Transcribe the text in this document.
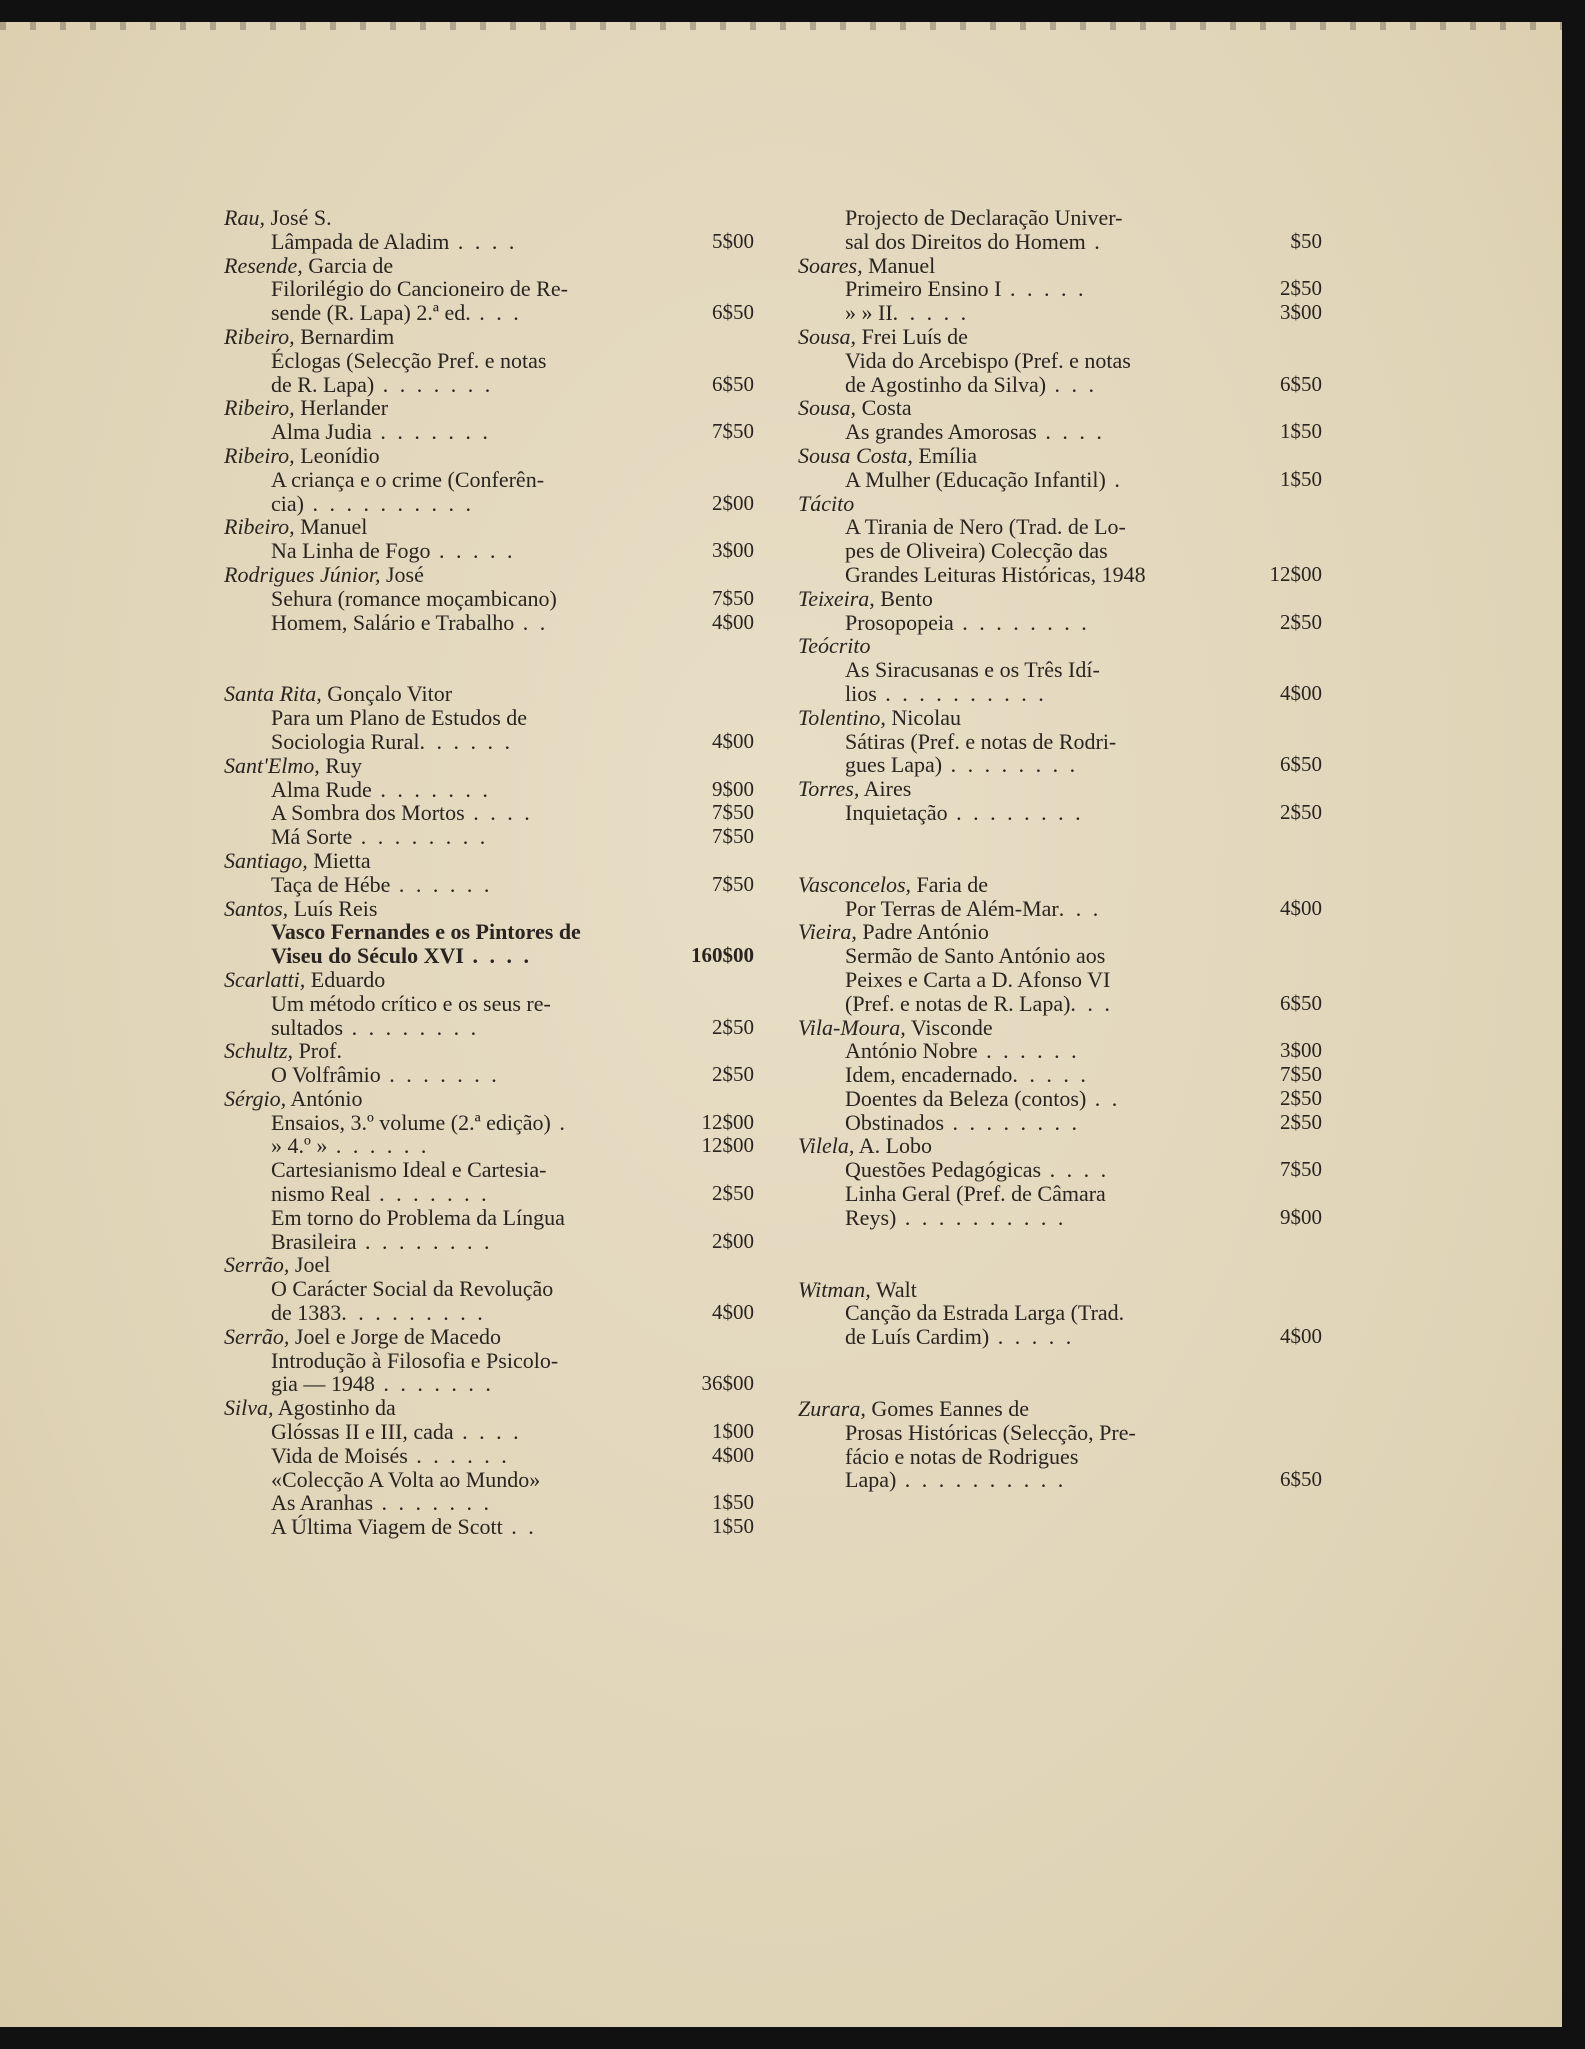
Rau, José S.
Lâmpada de Aladim . . . .	5$00
Resende, Garcia de
Filorilégio do Cancioneiro de Re-
sende (R. Lapa) 2.ª ed. . . .	6$50
Ribeiro, Bernardim
Éclogas (Selecção Pref. e notas
de R. Lapa) . . . . . . .	6$50
Ribeiro, Herlander
Alma Judia . . . . . . .	7$50
Ribeiro, Leonídio
A criança e o crime (Conferên-
cia) . . . . . . . . . .	2$00
Ribeiro, Manuel
Na Linha de Fogo . . . . .	3$00
Rodrigues Júnior, José
Sehura (romance moçambicano)	7$50
Homem, Salário e Trabalho . .	4$00
Santa Rita, Gonçalo Vitor
Para um Plano de Estudos de
Sociologia Rural. . . . . .	4$00
Sant'Elmo, Ruy
Alma Rude . . . . . . .	9$00
A Sombra dos Mortos . . . .	7$50
Má Sorte . . . . . . . .	7$50
Santiago, Mietta
Taça de Hébe . . . . . .	7$50
Santos, Luís Reis
Vasco Fernandes e os Pintores de
Viseu do Século XVI . . . .	160$00
Scarlatti, Eduardo
Um método crítico e os seus re-
sultados . . . . . . . .	2$50
Schultz, Prof.
O Volfrâmio . . . . . . .	2$50
Sérgio, António
Ensaios, 3.º volume (2.ª edição) .	12$00
» 4.º » . . . . . .	12$00
Cartesianismo Ideal e Cartesia-
nismo Real . . . . . . .	2$50
Em torno do Problema da Língua
Brasileira . . . . . . . .	2$00
Serrão, Joel
O Carácter Social da Revolução
de 1383. . . . . . . . .	4$00
Serrão, Joel e Jorge de Macedo
Introdução à Filosofia e Psicolo-
gia — 1948 . . . . . . .	36$00
Silva, Agostinho da
Glóssas II e III, cada . . . .	1$00
Vida de Moisés . . . . . .	4$00
«Colecção A Volta ao Mundo»
As Aranhas . . . . . . .	1$50
A Última Viagem de Scott . .	1$50
Projecto de Declaração Univer-
sal dos Direitos do Homem .	$50
Soares, Manuel
Primeiro Ensino I . . . . .	2$50
» » II. . . . .	3$00
Sousa, Frei Luís de
Vida do Arcebispo (Pref. e notas
de Agostinho da Silva) . . .	6$50
Sousa, Costa
As grandes Amorosas . . . .	1$50
Sousa Costa, Emília
A Mulher (Educação Infantil) .	1$50
Tácito
A Tirania de Nero (Trad. de Lo-
pes de Oliveira) Colecção das
Grandes Leituras Históricas, 1948	12$00
Teixeira, Bento
Prosopopeia . . . . . . . .	2$50
Teócrito
As Siracusanas e os Três Idí-
lios . . . . . . . . . .	4$00
Tolentino, Nicolau
Sátiras (Pref. e notas de Rodri-
gues Lapa) . . . . . . . .	6$50
Torres, Aires
Inquietação . . . . . . . .	2$50
Vasconcelos, Faria de
Por Terras de Além-Mar. . .	4$00
Vieira, Padre António
Sermão de Santo António aos
Peixes e Carta a D. Afonso VI
(Pref. e notas de R. Lapa). . .	6$50
Vila-Moura, Visconde
António Nobre . . . . . .	3$00
Idem, encadernado. . . . .	7$50
Doentes da Beleza (contos) . .	2$50
Obstinados . . . . . . . .	2$50
Vilela, A. Lobo
Questões Pedagógicas . . . .	7$50
Linha Geral (Pref. de Câmara
Reys) . . . . . . . . . .	9$00
Witman, Walt
Canção da Estrada Larga (Trad.
de Luís Cardim) . . . . .	4$00
Zurara, Gomes Eannes de
Prosas Históricas (Selecção, Pre-
fácio e notas de Rodrigues
Lapa) . . . . . . . . . .	6$50
